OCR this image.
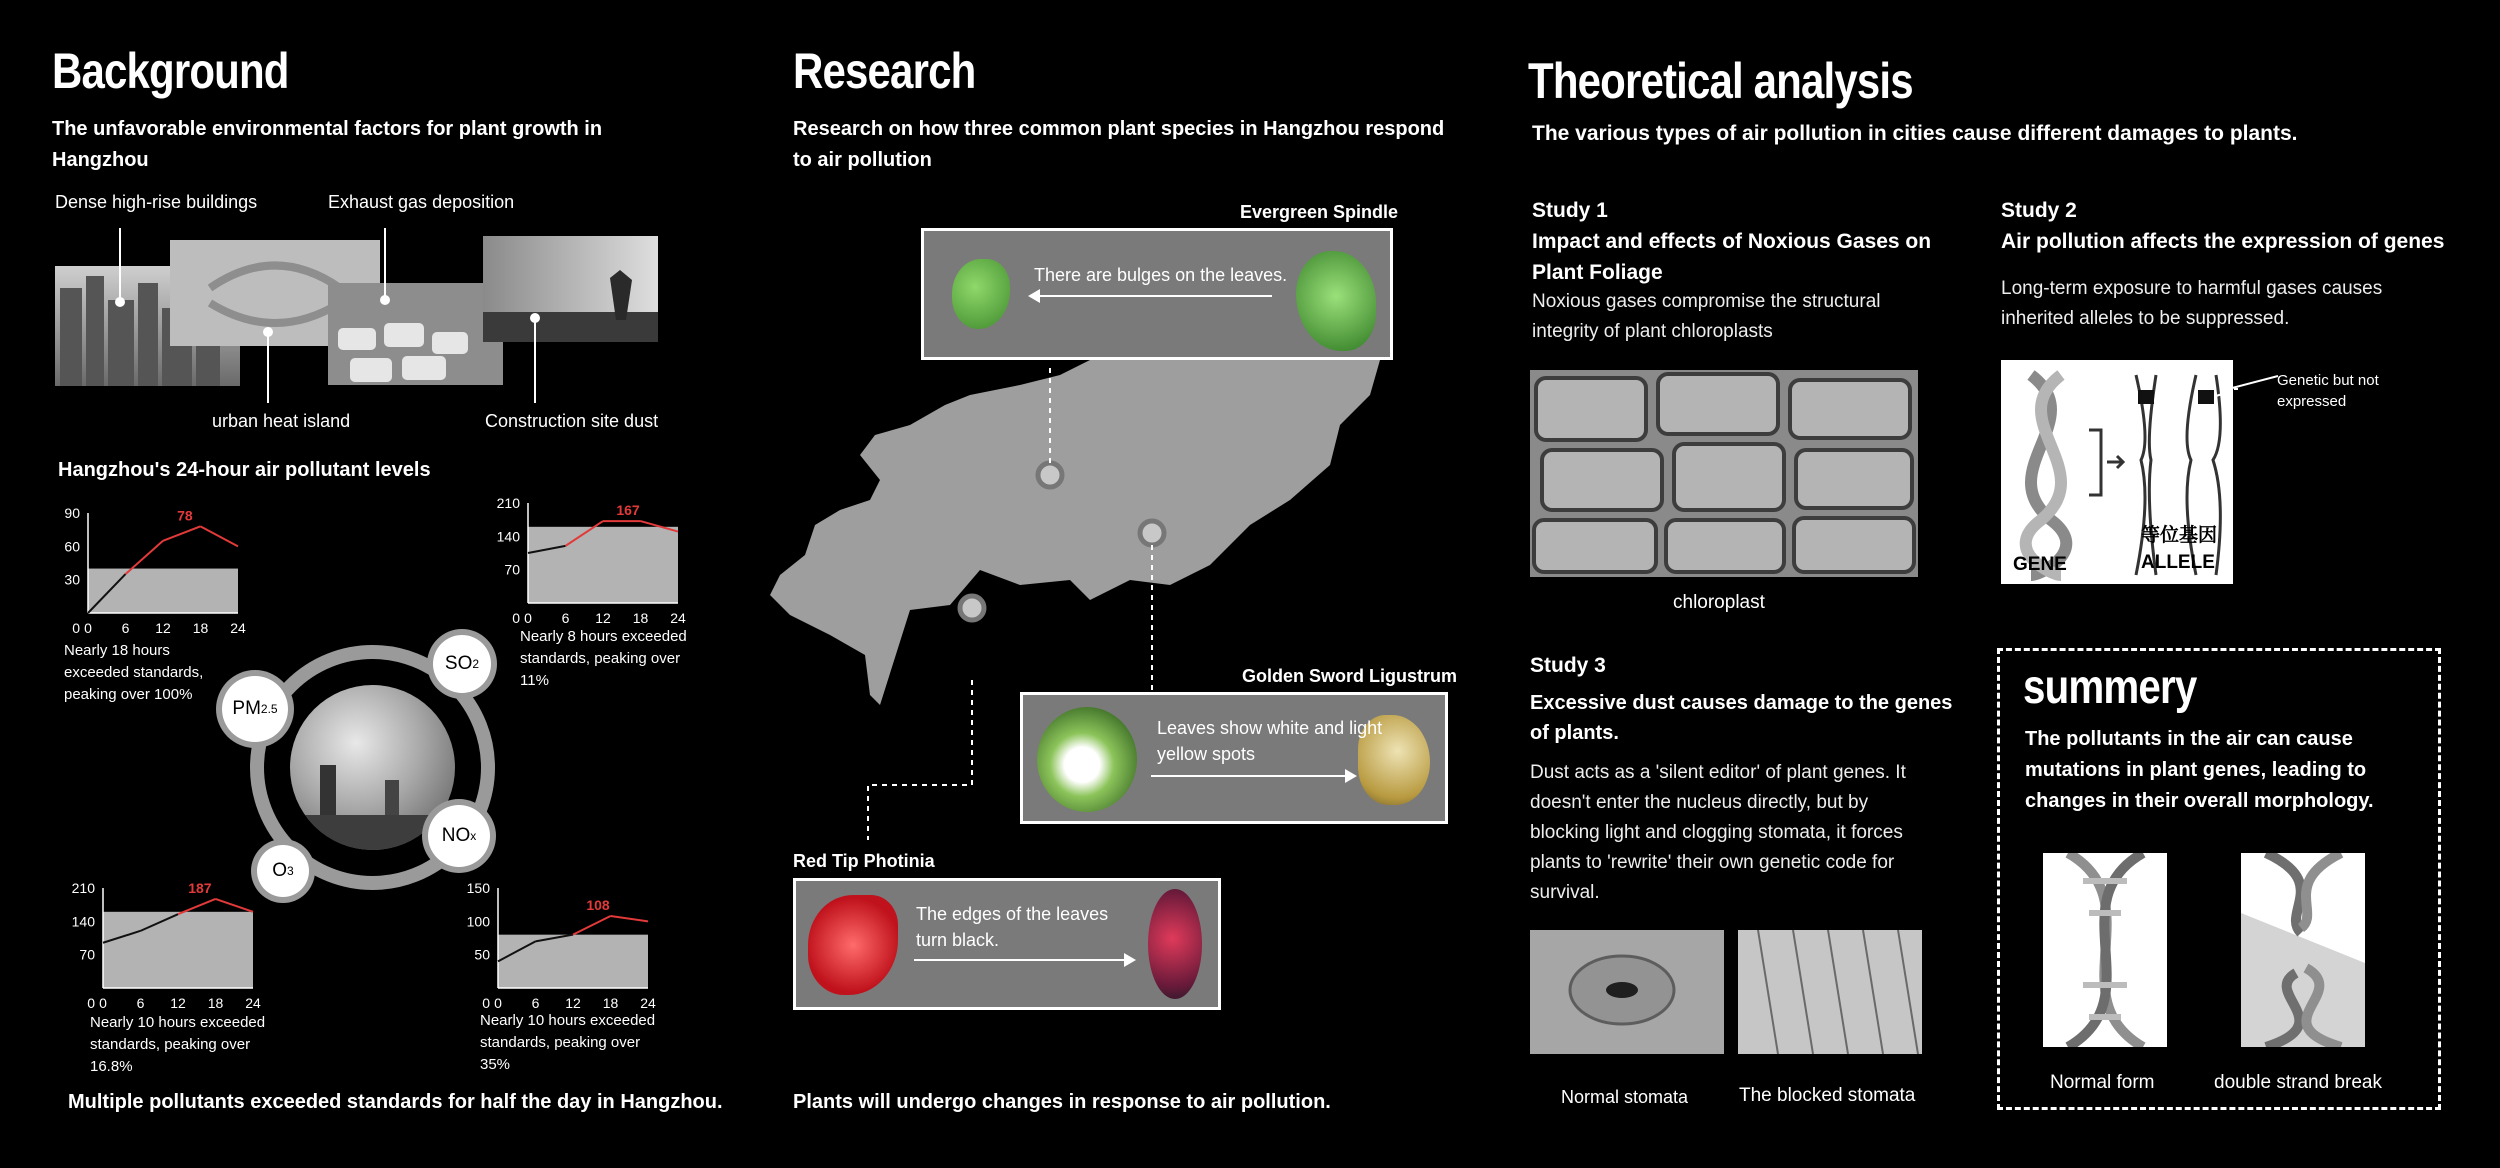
Background
The unfavorable environmental factors for plant growth in Hangzhou
Dense high-rise buildings	Exhaust gas deposition
urban heat island	Construction site dust
Hangzhou's 24-hour air pollutant levels
0 6 12 18 24
30
60
90
0
78
0 6 12 18 24
70
140
210
0
167
0 6 12 18 24
70
140
210
0
187
0 6 12 18 24
50
100
150
0
108
Nearly 18 hours exceeded standards, peaking over 100%
Nearly 8 hours exceeded standards, peaking over 11%
Nearly 10 hours exceeded standards, peaking over 16.8%
Nearly 10 hours exceeded standards, peaking over 35%
PM 2.5
SO 2
NO x
O 3
Multiple pollutants exceeded standards for half the day in Hangzhou.
Research
Research on how three common plant species in Hangzhou respond to air pollution
Evergreen Spindle
There are bulges on the leaves.
Golden Sword Ligustrum
Leaves show white and light yellow spots
Red Tip Photinia
The edges of the leaves turn black.
Plants will undergo changes in response to air pollution.
Theoretical analysis
The various types of air pollution in cities cause different damages to plants.
Study 1
Impact and effects of Noxious Gases on Plant Foliage
Noxious gases compromise the structural integrity of plant chloroplasts
chloroplast
Study 2
Air pollution affects the expression of genes
Long-term exposure to harmful gases causes inherited alleles to be suppressed.
GENE
等位基因
ALLELE
Genetic but not expressed
Study 3
Excessive dust causes damage to the genes of plants.
Dust acts as a 'silent editor' of plant genes. It doesn't enter the nucleus directly, but by blocking light and clogging stomata, it forces plants to 'rewrite' their own genetic code for survival.
Normal stomata	The blocked stomata
summery
The pollutants in the air can cause mutations in plant genes, leading to changes in their overall morphology.
Normal form	double strand break
